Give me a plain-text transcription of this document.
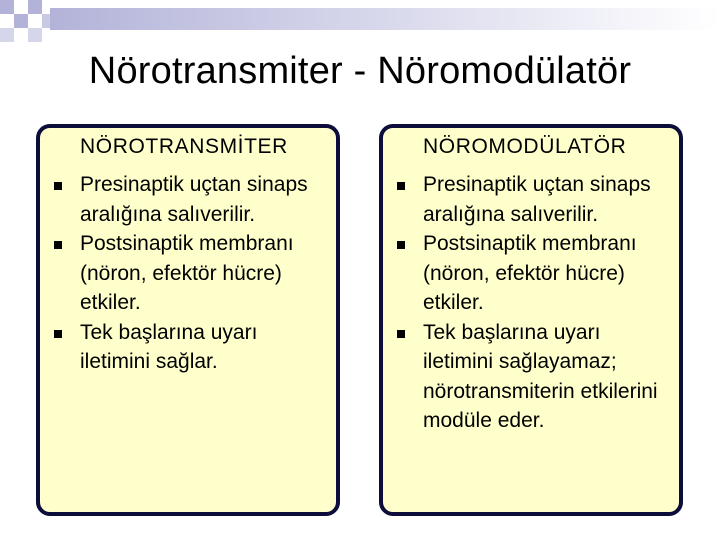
Nörotransmiter - Nöromodülatör
NÖROTRANSMİTER	NÖROMODÜLATÖR
Presinaptik uçtan sinaps aralığına salıverilir.
Postsinaptik membranı (nöron, efektör hücre) etkiler.
Tek başlarına uyarı iletimini sağlar.
Presinaptik uçtan sinaps aralığına salıverilir.
Postsinaptik membranı (nöron, efektör hücre) etkiler.
Tek başlarına uyarı iletimini sağlayamaz; nörotransmiterin etkilerini modüle eder.
